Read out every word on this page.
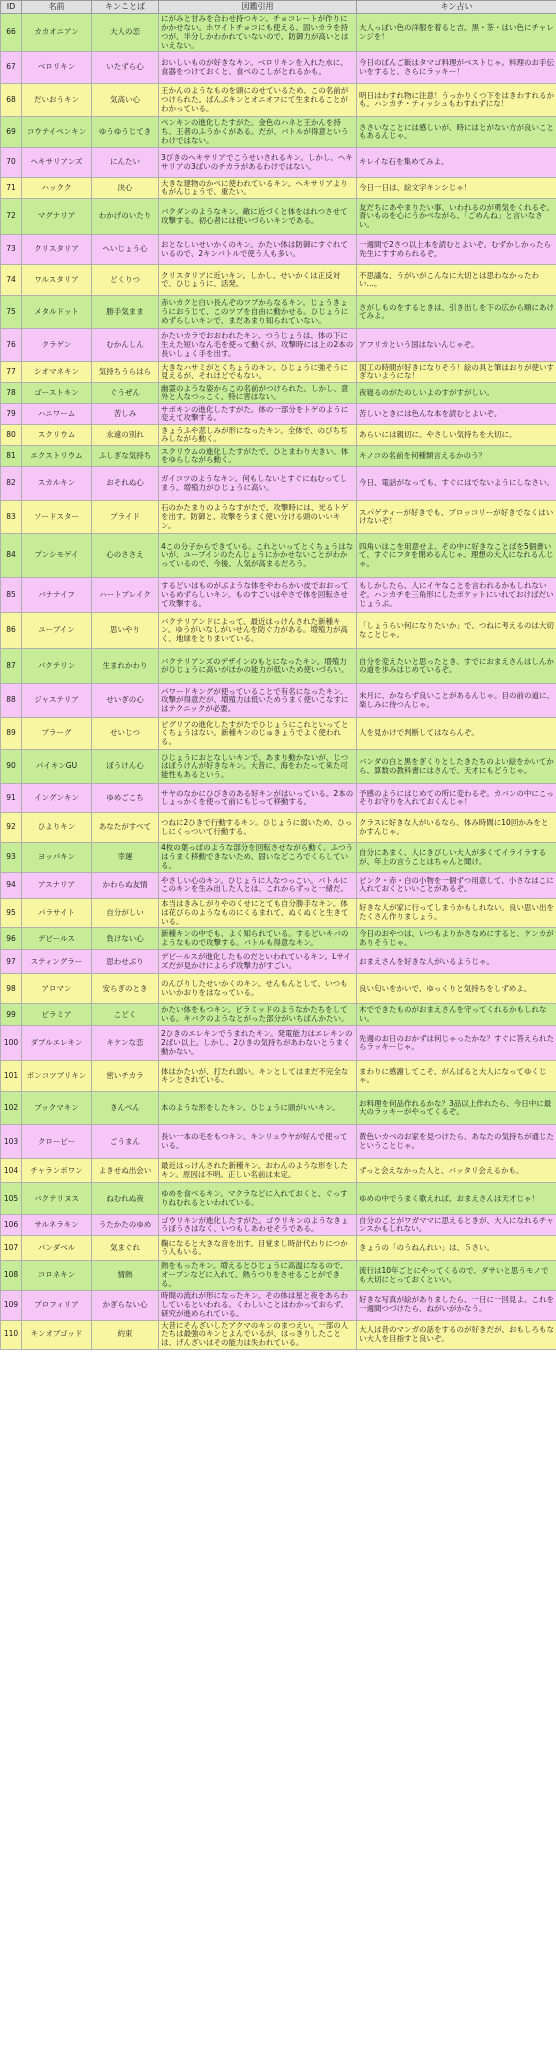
ID	名前	キンことば	図鑑引用	キン占い
66	カカオニアン	大人の恋	にがみと甘みを合わせ持つキン。チョコレートが作りにかかせない。ホワイトチョコにも使える。固いカラを持つが、半分しかわかれていないので、防御力が高いとはいえない。	大人っぽい色の洋服を着ると吉。黒・茶・はい色にチャレンジを！
67	ベロリキン	いたずら心	おいしいものが好きなキン。ベロリキンを入れた水に、食器をつけておくと、食べのこしがとれるかも。	今日のばんご飯はタマゴ料理がベストじゃ。料理のお手伝いをすると、さらにラッキー！
68	だいおうキン	気高い心	王かんのようなものを頭にのせているため、この名前がつけられた。ばんぶキンとオニオフにて生まれることがわかっている。	明日はわすれ物に注意！うっかりくつ下をはきわすれるかも。ハンカチ・ティッシュもわすれずにな！
69	コウテイペンキン	ゆうゆうじてき	ペンキンの進化したすがた。金色のハネと王かんを持ち、王者のふうかくがある。だが、バトルが得意というわけではない。	ささいなことには感しいが、時にはとがない方が良いこともあるんじゃ。
70	ヘキサリアンズ	にんたい	3びきのヘキサリアでこうせいされるキン。しかし、ヘキサリアの3ばいのチカラがあるわけではない。	キレイな石を集めてみよ。
71	ハックク	決心	大きな建物のかべに使われているキン。ヘキサリアよりもがんじょうで、重たい。	今日一日は、絵文字キンシじゃ！
72	マグナリア	わかげのいたり	バクダンのようなキン。敵に近づくと体をはれつさせて攻撃する。初心者には使いづらいキンである。	友だちにあやまりたい事、いわれるのが勇気をくれるぞ。青いものを心にうかべながら、「ごめんね」と言いなさい。
73	クリスタリア	へいじょう心	おとなしいせいかくのキン。かたい体は防御にすぐれているので、2キンバトルで使う人も多い。	一週間で2さつ以上本を読むとよいぞ。むずかしかったら先生にすすめられるぞ。
74	ワルスタリア	どくりつ	クリスタリアに近いキン。しかし、せいかくは正反対で、ひじょうに、活発。	不思議な、うがいがこんなに大切とは思わなかったわい…。
75	メタルドット	勝手気まま	赤いカクと白い長んぞのツブからなるキン。じょうきょうにおうじて、このツブを自由に動かせる。ひじょうにめずらしいキンで、まだあまり知られていない。	さがしものをするときは、引き出しを下の広から順にあけてみよ。
76	クラゲン	むかんしん	かたいカラでおおわれたキン。つうじょうは、体の下に生えた短いなん毛を使って動くが、攻撃時には上の2本の長いしょく手を出す。	アフリカという国はないんじゃぞ。
77	シオマネキン	気持ちうらはら	大きなハサミがとくちょうのキン。ひじょうに強そうに見えるが、それほどでもない。	図工の時間が好きになりそう！絵の具と筆はおりが使いすぎないようにな！
78	ゴーストキン	ぐうぜん	幽霊のような姿からこの名前がつけられた。しかし、意外と人なつっこく、特に害はない。	夜寝るのがたのしいよのすがすがしい。
79	ハニワーム	苦しみ	サボキンの進化したすがた。体の一部分をトゲのように変えて攻撃する。	苦しいときには色んな本を読むとよいぞ。
80	スクリウム	永遠の別れ	きょうふや悲しみが形になったキン。全体で、のびちぢみしながら動く。	あらいには親切に。やさしい気持ちを大切に。
81	エクストリウム	ふしぎな気持ち	スクリウムの進化したすがたで、ひとまわり大きい。体をゆらしながら動く。	キノコの名前を何種類言えるかのう？
82	スカルキン	おそれぬ心	ガイコツのようなキン。何もしないとすぐにねむってしまう。増殖力がひじょうに高い。	今日、電話がなっても、すぐにはでないようにしなさい。
83	ソードスター	プライド	石のかたまりのようなすがたで、攻撃時には、光るトゲを出す。防御と、攻撃をうまく使い分ける頭のいいキン。	スパゲティーが好きでも、ブロッコリーが好きでなくはいけないぞ！
84	プンシモゲイ	心のささえ	4この分子からできている。これといってとくちょうはないが、ユーブインのたんじょうにかかせないことがわかっているので、今後、人気が高まるだろう。	四角いはこを用意せよ。その中に好きなことばを5個書いて、すぐにフタを閉めるんじゃ。理想の大人になれるんじゃ。
85	バナナイフ	ハートブレイク	するどいはものがぶような体をやわらかい皮でおおっているめずらしいキン。ものすごいはやさで体を回転させて攻撃する。	もしかしたら、人にイヤなことを言われるかもしれないぞ。ハンカチを三角形にしたポケットにいれておけばだいじょうぶ。
86	ユーブイン	思いやり	バクテリアンドによって、最近はっけんされた新種キン。ゆうがいなしがいせんを防ぐ力がある。増殖力が高く、地球をとりまいている。	「しょうらい何になりたいか」で、つねに考えるのは大切なことじゃ。
87	バクテリン	生まれかわり	バクテリアンズのデザインのもとになったキン。増殖力がひじょうに高いがほかの能力が低いため使いづらい。	自分を変えたいと思ったとき、すでにおまえさんはしんかの道を歩みはじめているぞ。
88	ジャステリア	せいぎの心	パワードキングが使っていることで有名になったキン。攻撃が得意だが、増殖力は低いためうまく使いこなすにはテクニックが必要。	未月に、かならず良いことがあるんじゃ。目の前の道に、楽しみに待つんじゃ。
89	ブラーグ	せいじつ	ピグリアの進化したすがたでひじょうにこれといってとくちょうはない。新種キンのじゅきょうでよく使われる。	人を見かけで判断してはならんぞ。
90	パイキンGU	ぼうけん心	ひじょうにおとなしいキンで、あまり動かないが、じつはぼうけんが好きなキン。大昔に、海をわたって来た可能性もあるという。	バンダの白と黒をぎくりとしたきたちのよい絵をかいてから、算数の教科書にはさんで、天才にもどうじゃ。
91	イングンキン	ゆめごこち	サヤのなかにひびきのある好キンがはいっている。2本のしょっかくを使って前にもじって移動する。	予感のようにはじめての所に変わるぞ。カバンの中にこっそりお守りを入れておくんじゃ！
92	ひよりキン	あなたがすべて	つねに2ひきで行動するキン。ひじょうに弱いため、ひっしにくっついて行動する。	クラスに好きな人がいるなら、体み時間に10回かみをとかすんじゃ。
93	ヨッパキン	幸運	4枚の葉っぱのような部分を回転させながら動く。ふつうはうまく移動できないため、固いなどころでくらしている。	自分にあまく、人にきびしい大人が多くてイライラするが、年上の言うことはちゃんと聞け。
94	アスナリア	かわらぬ友情	やさしい心のキン。ひじょうに人なつっこい。バトルにこのキンを生み出した人とは、これからずっと一緒だ。	ピンク・赤・白の小物を一個ずつ用意して、小さなはこに入れておくといいことがあるぞ。
95	パラサイト	自分がしい	本当はきみしがりやのくせにとても自分勝手なキン。体は花びらのようなものにくるまれて、ぬくぬくと生きている。	好きな人が家に行ってしまうかもしれない。良い思い出をたくさん作りましょう。
96	デビールス	負けない心	新種キンの中でも、よく知られている。するどいキバのようなもので攻撃する。バトルも得意なキン。	今日のおやつは、いつもよりかさなめにすると、ケンカがありそうじゃ。
97	スティングラー	思わせぶり	デビールスが進化したものだといわれているキン。Lサイズだが見かけによらず攻撃力がすごい。	おまえさんを好きな人がいるようじゃ。
98	アロマン	安らぎのとき	のんびりしたせいかくのキン。せんもんとして、いつもいいかおりをはなっている。	良い匂いをかいで、ゆっくりと気持ちをしずめよ。
99	ピラミア	こどく	かたい体をもつキン。ピラミッドのようなかたちをしている。キバクのようなとがった部分がいちばんかたい。	木でできたものがおまえさんを守ってくれるかもしれない。
100	ダブルエレキン	キケンな恋	2ひきのエレキンでうまれたキン。発電能力はエレキンの2ばい以上。しかし、2ひきの気持ちがあわないとうまく動かない。	先週のお日のおかずは何じゃったかな？すぐに答えられたらラッキーじゃ。
101	ボンコツブリキン	密いチカラ	体はかたいが、打たれ弱い。キンとしてはまだ不完全なキンとされている。	まわりに感謝してこそ、がんばると大人になってゆくじゃ。
102	ブックマキン	きんべん	本のような形をしたキン。ひじょうに頭がいいキン。	お料理を何品作れるかな？3品以上作れたら、今日中に最大のラッキーがやってくるぞ。
103	クロービー	ごうまん	長い一本の毛をもつキン。キンリュウヤが好んで使っている。	黄色いカベのお家を見つけたら、あなたの気持ちが通じたということじゃ。
104	チャランボワン	よきせぬ出会い	最近はっけんされた新種キン。おわんのような形をしたキン。原因は不明。正しい名前は未定。	ずっと会えなかった人と、バッタリ会えるかも。
105	バクテリヌス	ねむれぬ夜	ゆめを食べるキン。マクラなどに入れておくと、ぐっすりねむれるといわれている。	ゆめの中でうまく歌えれば、おまえさんは天才じゃ！
106	サルネラキン	うたかたのゆめ	ゴウリキンが進化したすがた。ゴウリキンのようなきょうぼうさはなく、いつもしあわせそうである。	自分のことがワガママに思えるときが、大人になれるチャンスかもしれない。
107	バンダベル	気まぐれ	鞠になると大きな音を出す。目覚まし時計代わりにつかう人もいる。	きょうの「のうねんれい」は、５さい。
108	コロネキン	情熱	熱をもったキン。増えるとひじょうに高温になるので、オーブンなどに入れて、熱うつりをさせることができる。	流行は10年ごとにやってくるので、ダサいと思うモノでも大切にとっておくといい。
109	プロフィリア	かぎらない心	時間の流れが形になったキン。その体は星と夜をあらわしているといわれる。くわしいことはわかっておらず、研究が進められている。	好きな写真が絵がありましたら、一日に一回見よ。これを一週間つづけたら、ねがいがかなう。
110	キンオブゴッド	約束	大昔にそんざいしたアクマのキンのまつえい。一部の人たちは最強のキンとよんでいるが、はっきりしたことは、げんざいはその能力は失われている。	大人は昔のマンガの話をするのが好きだが、おもしろもない大人を目指すと良いぞ。
